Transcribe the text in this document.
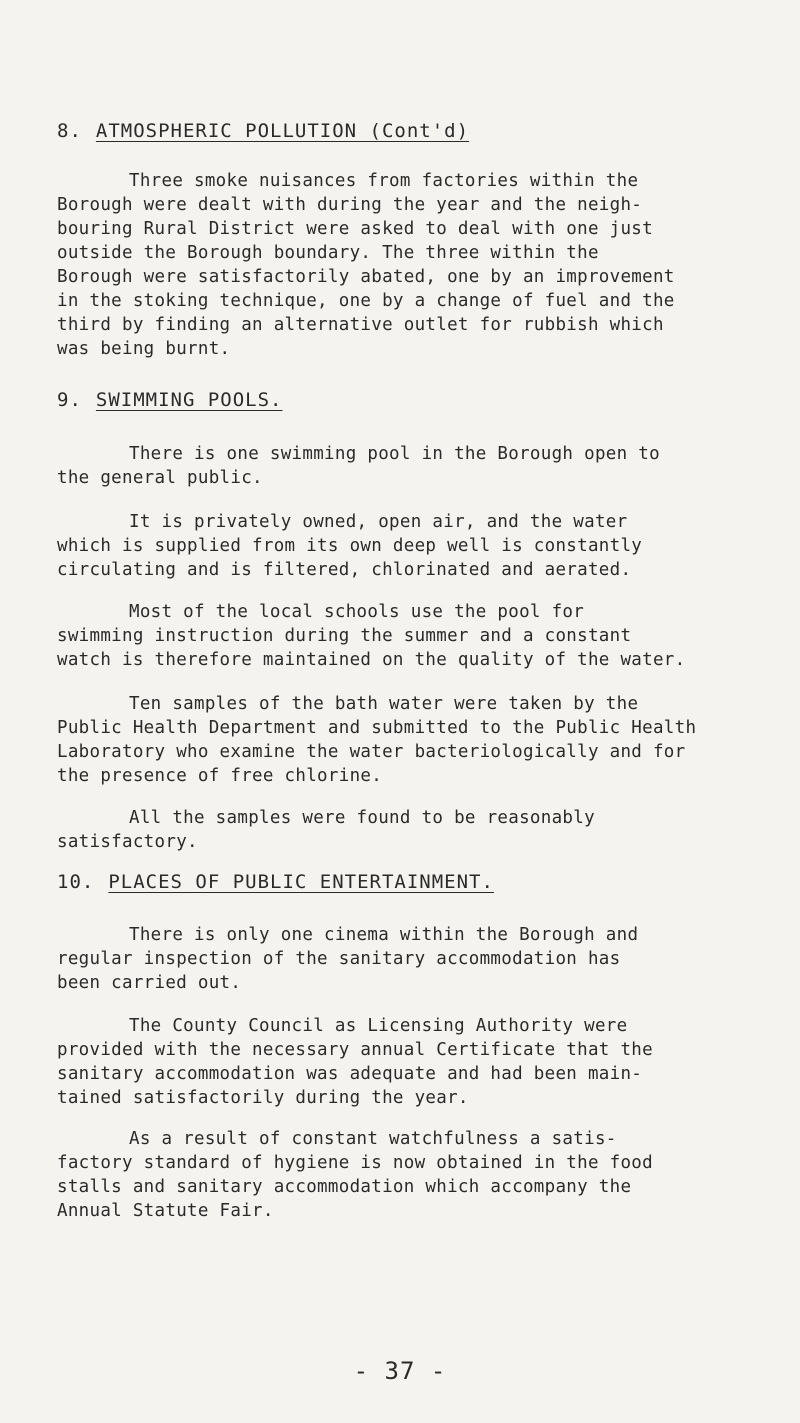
8. ATMOSPHERIC POLLUTION (Cont'd)
Three smoke nuisances from factories within the
Borough were dealt with during the year and the neigh-
bouring Rural District were asked to deal with one just
outside the Borough boundary. The three within the
Borough were satisfactorily abated, one by an improvement
in the stoking technique, one by a change of fuel and the
third by finding an alternative outlet for rubbish which
was being burnt.
9. SWIMMING POOLS.
There is one swimming pool in the Borough open to
the general public.
It is privately owned, open air, and the water
which is supplied from its own deep well is constantly
circulating and is filtered, chlorinated and aerated.
Most of the local schools use the pool for
swimming instruction during the summer and a constant
watch is therefore maintained on the quality of the water.
Ten samples of the bath water were taken by the
Public Health Department and submitted to the Public Health
Laboratory who examine the water bacteriologically and for
the presence of free chlorine.
All the samples were found to be reasonably
satisfactory.
10. PLACES OF PUBLIC ENTERTAINMENT.
There is only one cinema within the Borough and
regular inspection of the sanitary accommodation has
been carried out.
The County Council as Licensing Authority were
provided with the necessary annual Certificate that the
sanitary accommodation was adequate and had been main-
tained satisfactorily during the year.
As a result of constant watchfulness a satis-
factory standard of hygiene is now obtained in the food
stalls and sanitary accommodation which accompany the
Annual Statute Fair.
- 37 -
